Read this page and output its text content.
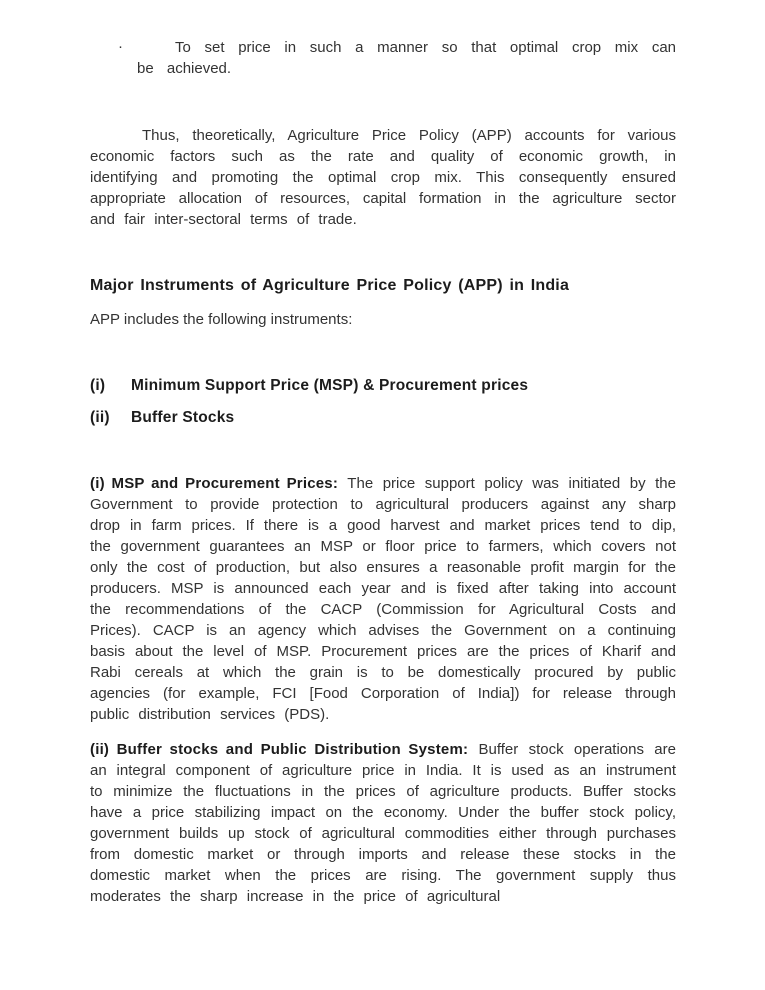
·	To set price in such a manner so that optimal crop mix can be achieved.

Thus, theoretically, Agriculture Price Policy (APP) accounts for various economic factors such as the rate and quality of economic growth, in identifying and promoting the optimal crop mix. This consequently ensured appropriate allocation of resources, capital formation in the agriculture sector and fair inter-sectoral terms of trade.

Major Instruments of Agriculture Price Policy (APP) in India

APP includes the following instruments:

(i)	Minimum Support Price (MSP) & Procurement prices
(ii)	Buffer Stocks

(i) MSP and Procurement Prices: The price support policy was initiated by the Government to provide protection to agricultural producers against any sharp drop in farm prices. If there is a good harvest and market prices tend to dip, the government guarantees an MSP or floor price to farmers, which covers not only the cost of production, but also ensures a reasonable profit margin for the producers. MSP is announced each year and is fixed after taking into account the recommendations of the CACP (Commission for Agricultural Costs and Prices). CACP is an agency which advises the Government on a continuing basis about the level of MSP. Procurement prices are the prices of Kharif and Rabi cereals at which the grain is to be domestically procured by public agencies (for example, FCI [Food Corporation of India]) for release through public distribution services (PDS).

(ii) Buffer stocks and Public Distribution System: Buffer stock operations are an integral component of agriculture price in India. It is used as an instrument to minimize the fluctuations in the prices of agriculture products. Buffer stocks have a price stabilizing impact on the economy. Under the buffer stock policy, government builds up stock of agricultural commodities either through purchases from domestic market or through imports and release these stocks in the domestic market when the prices are rising. The government supply thus moderates the sharp increase in the price of agricultural
